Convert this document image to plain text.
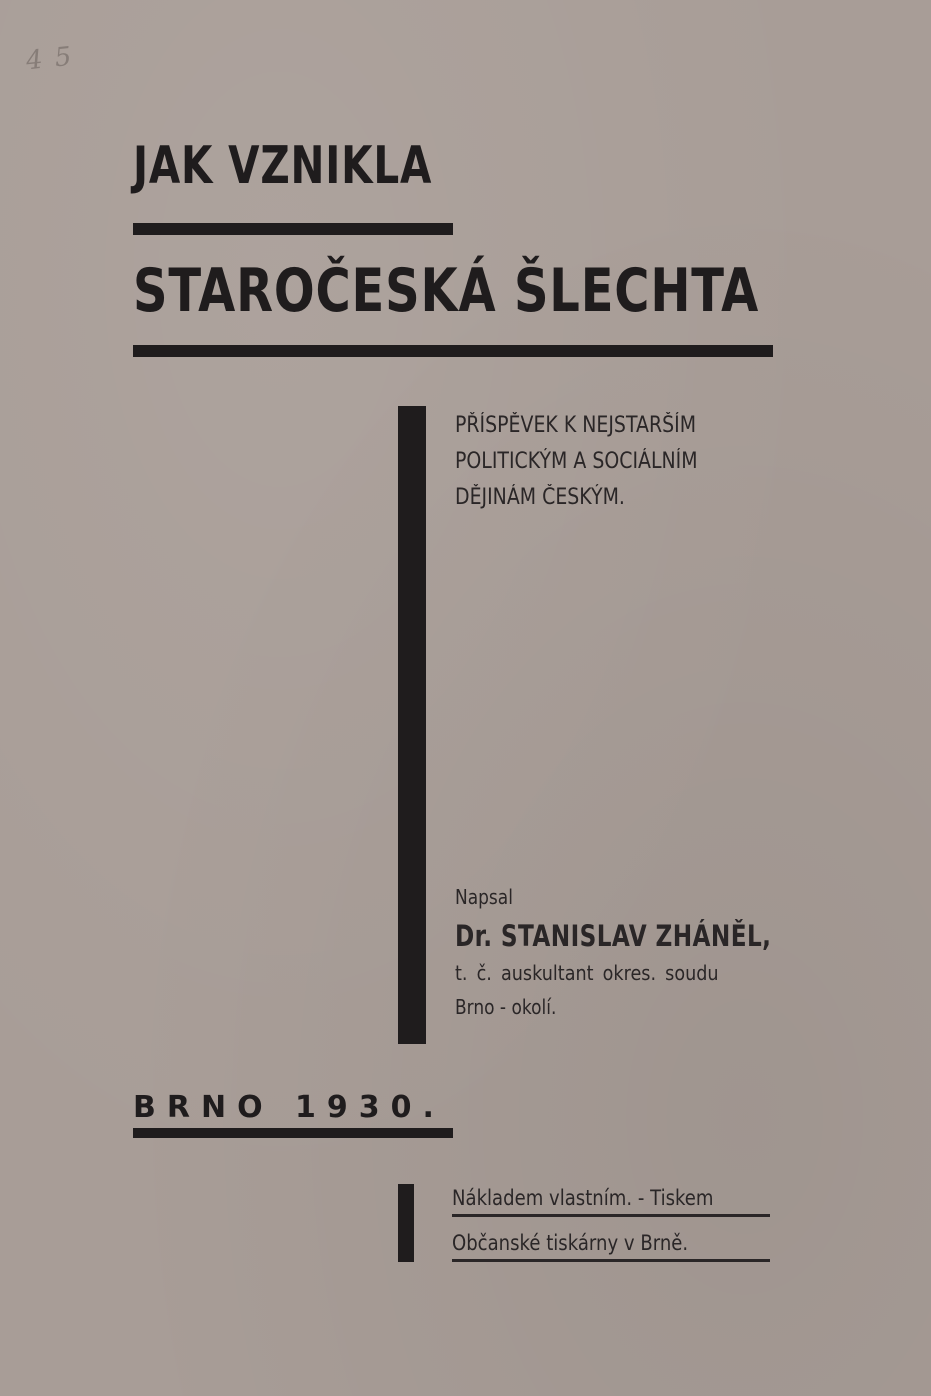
4 5
JAK VZNIKLA
STAROČESKÁ ŠLECHTA
PŘÍSPĚVEK K NEJSTARŠÍM
POLITICKÝM A SOCIÁLNÍM
DĚJINÁM ČESKÝM.
Napsal
Dr. STANISLAV ZHÁNĚL,
t. č. auskultant okres. soudu
Brno - okolí.
BRNO 1930.
Nákladem vlastním. - Tiskem
Občanské tiskárny v Brně.
